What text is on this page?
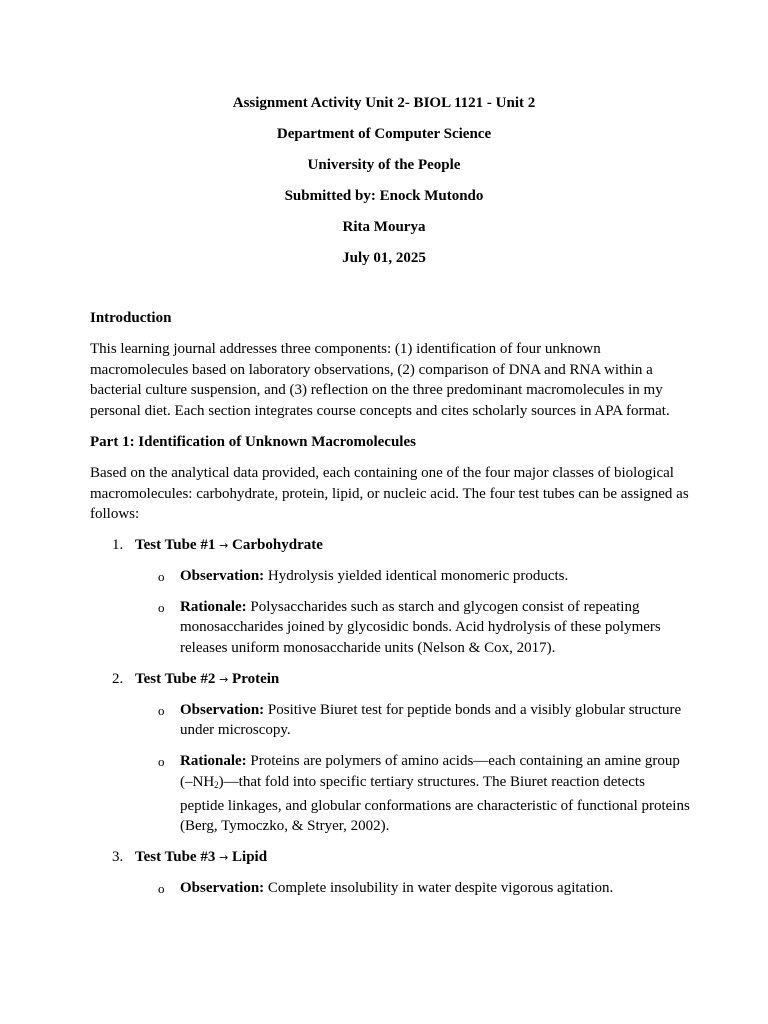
Assignment Activity Unit 2- BIOL 1121 - Unit 2
Department of Computer Science
University of the People
Submitted by: Enock Mutondo
Rita Mourya
July 01, 2025
Introduction

This learning journal addresses three components: (1) identification of four unknown macromolecules based on laboratory observations, (2) comparison of DNA and RNA within a bacterial culture suspension, and (3) reflection on the three predominant macromolecules in my personal diet. Each section integrates course concepts and cites scholarly sources in APA format.

Part 1: Identification of Unknown Macromolecules

Based on the analytical data provided, each containing one of the four major classes of biological macromolecules: carbohydrate, protein, lipid, or nucleic acid. The four test tubes can be assigned as follows:

1. Test Tube #1 → Carbohydrate
o Observation: Hydrolysis yielded identical monomeric products.
o Rationale: Polysaccharides such as starch and glycogen consist of repeating monosaccharides joined by glycosidic bonds. Acid hydrolysis of these polymers releases uniform monosaccharide units (Nelson & Cox, 2017).
2. Test Tube #2 → Protein
o Observation: Positive Biuret test for peptide bonds and a visibly globular structure under microscopy.
o Rationale: Proteins are polymers of amino acids—each containing an amine group $(-NH_2)—that$ fold into specific tertiary structures. The Biuret reaction detects peptide linkages, and globular conformations are characteristic of functional proteins (Berg, Tymoczko, & Stryer, 2002).
3. Test Tube #3 → Lipid
o Observation: Complete insolubility in water despite vigorous agitation.
